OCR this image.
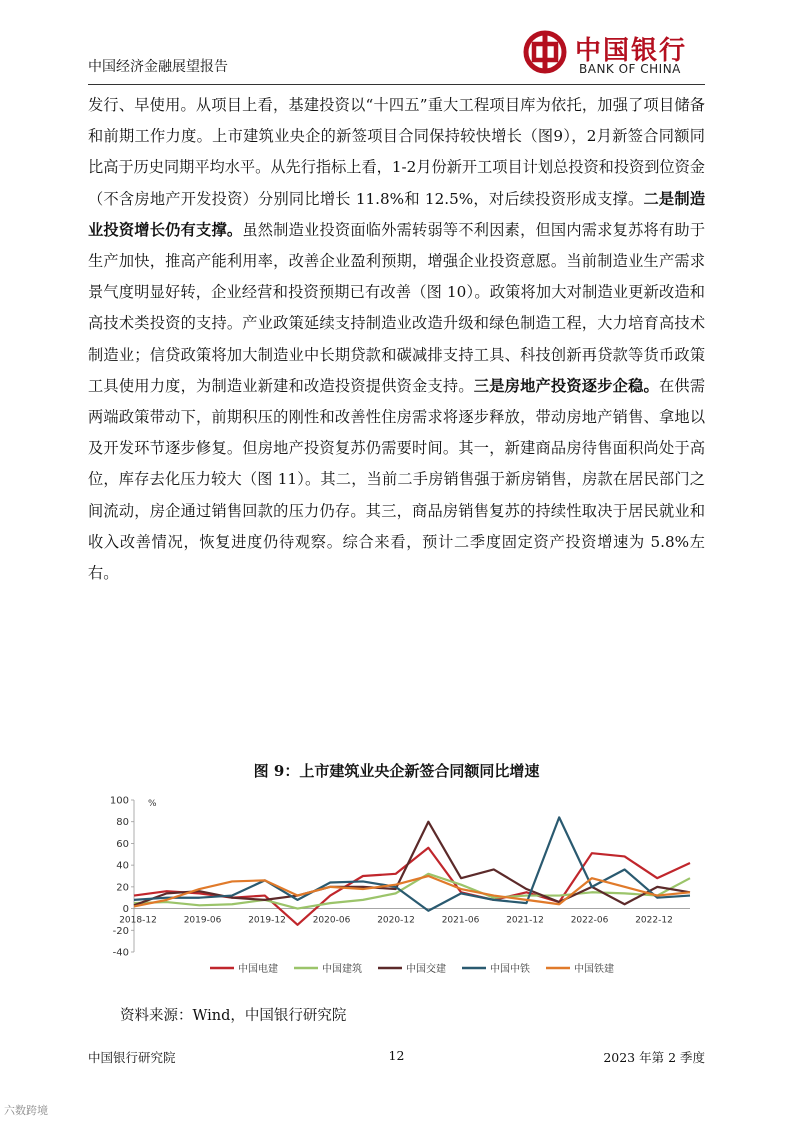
中国经济金融展望报告
中国银行
BANK OF CHINA

发行、早使用。从项目上看，基建投资以“十四五”重大工程项目库为依托，加强了项目储备和前期工作力度。上市建筑业央企的新签项目合同保持较快增长（图9），2月新签合同额同比高于历史同期平均水平。从先行指标上看，1-2月份新开工项目计划总投资和投资到位资金（不含房地产开发投资）分别同比增长 11.8%和 12.5%，对后续投资形成支撑。二是制造业投资增长仍有支撑。虽然制造业投资面临外需转弱等不利因素，但国内需求复苏将有助于生产加快，推高产能利用率，改善企业盈利预期，增强企业投资意愿。当前制造业生产需求景气度明显好转，企业经营和投资预期已有改善（图 10）。政策将加大对制造业更新改造和高技术类投资的支持。产业政策延续支持制造业改造升级和绿色制造工程，大力培育高技术制造业；信贷政策将加大制造业中长期贷款和碳减排支持工具、科技创新再贷款等货币政策工具使用力度，为制造业新建和改造投资提供资金支持。三是房地产投资逐步企稳。在供需两端政策带动下，前期积压的刚性和改善性住房需求将逐步释放，带动房地产销售、拿地以及开发环节逐步修复。但房地产投资复苏仍需要时间。其一，新建商品房待售面积尚处于高位，库存去化压力较大（图 11）。其二，当前二手房销售强于新房销售，房款在居民部门之间流动，房企通过销售回款的压力仍存。其三，商品房销售复苏的持续性取决于居民就业和收入改善情况，恢复进度仍待观察。综合来看，预计二季度固定资产投资增速为 5.8%左右。

图 9：上市建筑业央企新签合同额同比增速
-40
-20
0
20
40
60
80
100 %
2018-12	2019-06	2019-12	2020-06	2020-12	2021-06	2021-12	2022-06	2022-12
中国电建	中国建筑	中国交建	中国中铁	中国铁建
资料来源：Wind，中国银行研究院
中国银行研究院	12	2023 年第 2 季度
六数跨境
